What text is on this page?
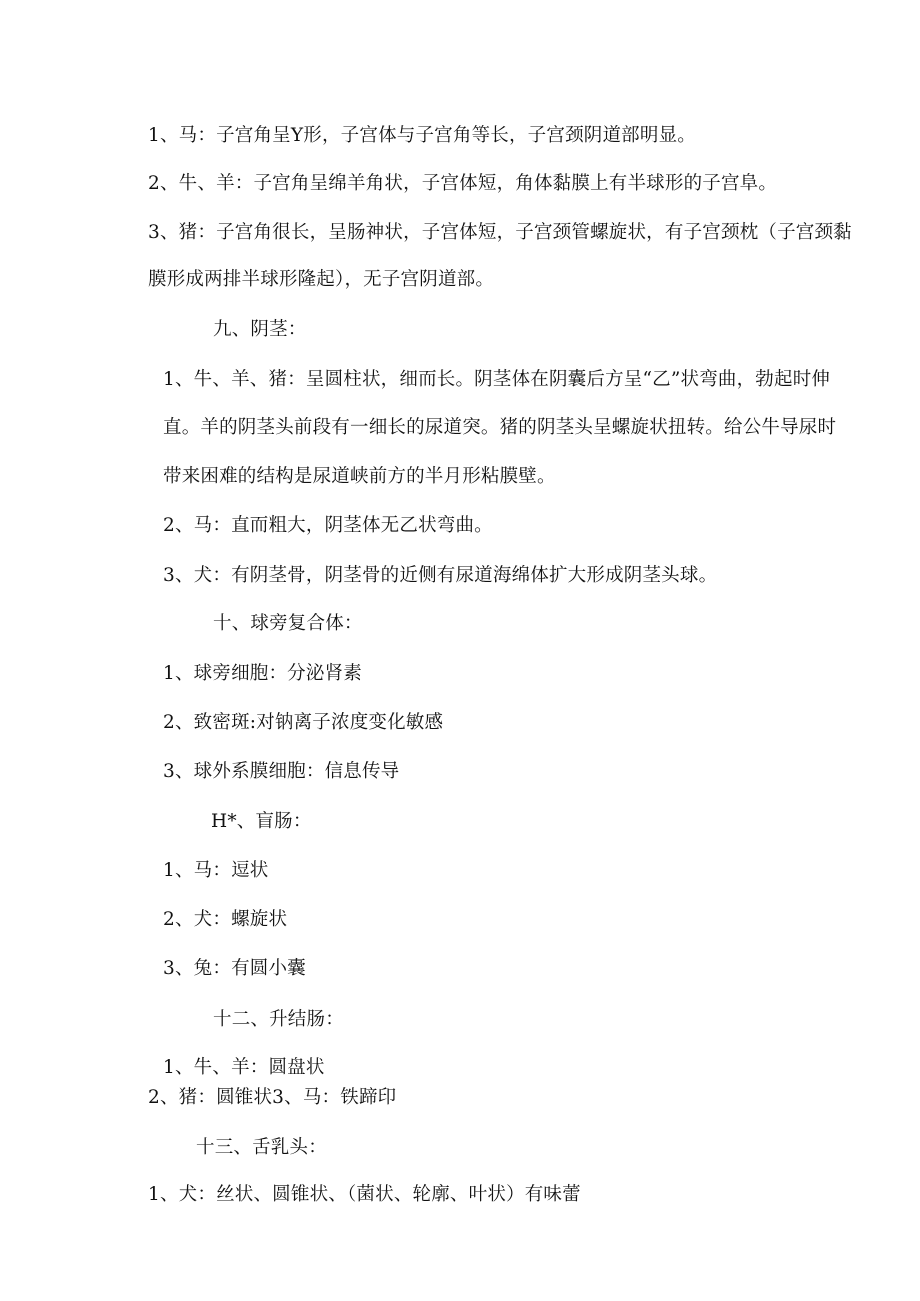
1、马：子宫角呈Y形，子宫体与子宫角等长，子宫颈阴道部明显。
2、牛、羊：子宫角呈绵羊角状，子宫体短，角体黏膜上有半球形的子宫阜。
3、猪：子宫角很长，呈肠神状，子宫体短，子宫颈管螺旋状，有子宫颈枕（子宫颈黏
膜形成两排半球形隆起），无子宫阴道部。
九、阴茎：
1、牛、羊、猪：呈圆柱状，细而长。阴茎体在阴囊后方呈“乙”状弯曲，勃起时伸
直。羊的阴茎头前段有一细长的尿道突。猪的阴茎头呈螺旋状扭转。给公牛导尿时
带来困难的结构是尿道峡前方的半月形粘膜壁。
2、马：直而粗大，阴茎体无乙状弯曲。
3、犬：有阴茎骨，阴茎骨的近侧有尿道海绵体扩大形成阴茎头球。
十、球旁复合体：
1、球旁细胞：分泌肾素
2、致密斑:对钠离子浓度变化敏感
3、球外系膜细胞：信息传导
H*、盲肠：
1、马：逗状
2、犬：螺旋状
3、兔：有圆小囊
十二、升结肠：
1、牛、羊：圆盘状
2、猪：圆锥状3、马：铁蹄印
十三、舌乳头：
1、犬：丝状、圆锥状、（菌状、轮廓、叶状）有味蕾
